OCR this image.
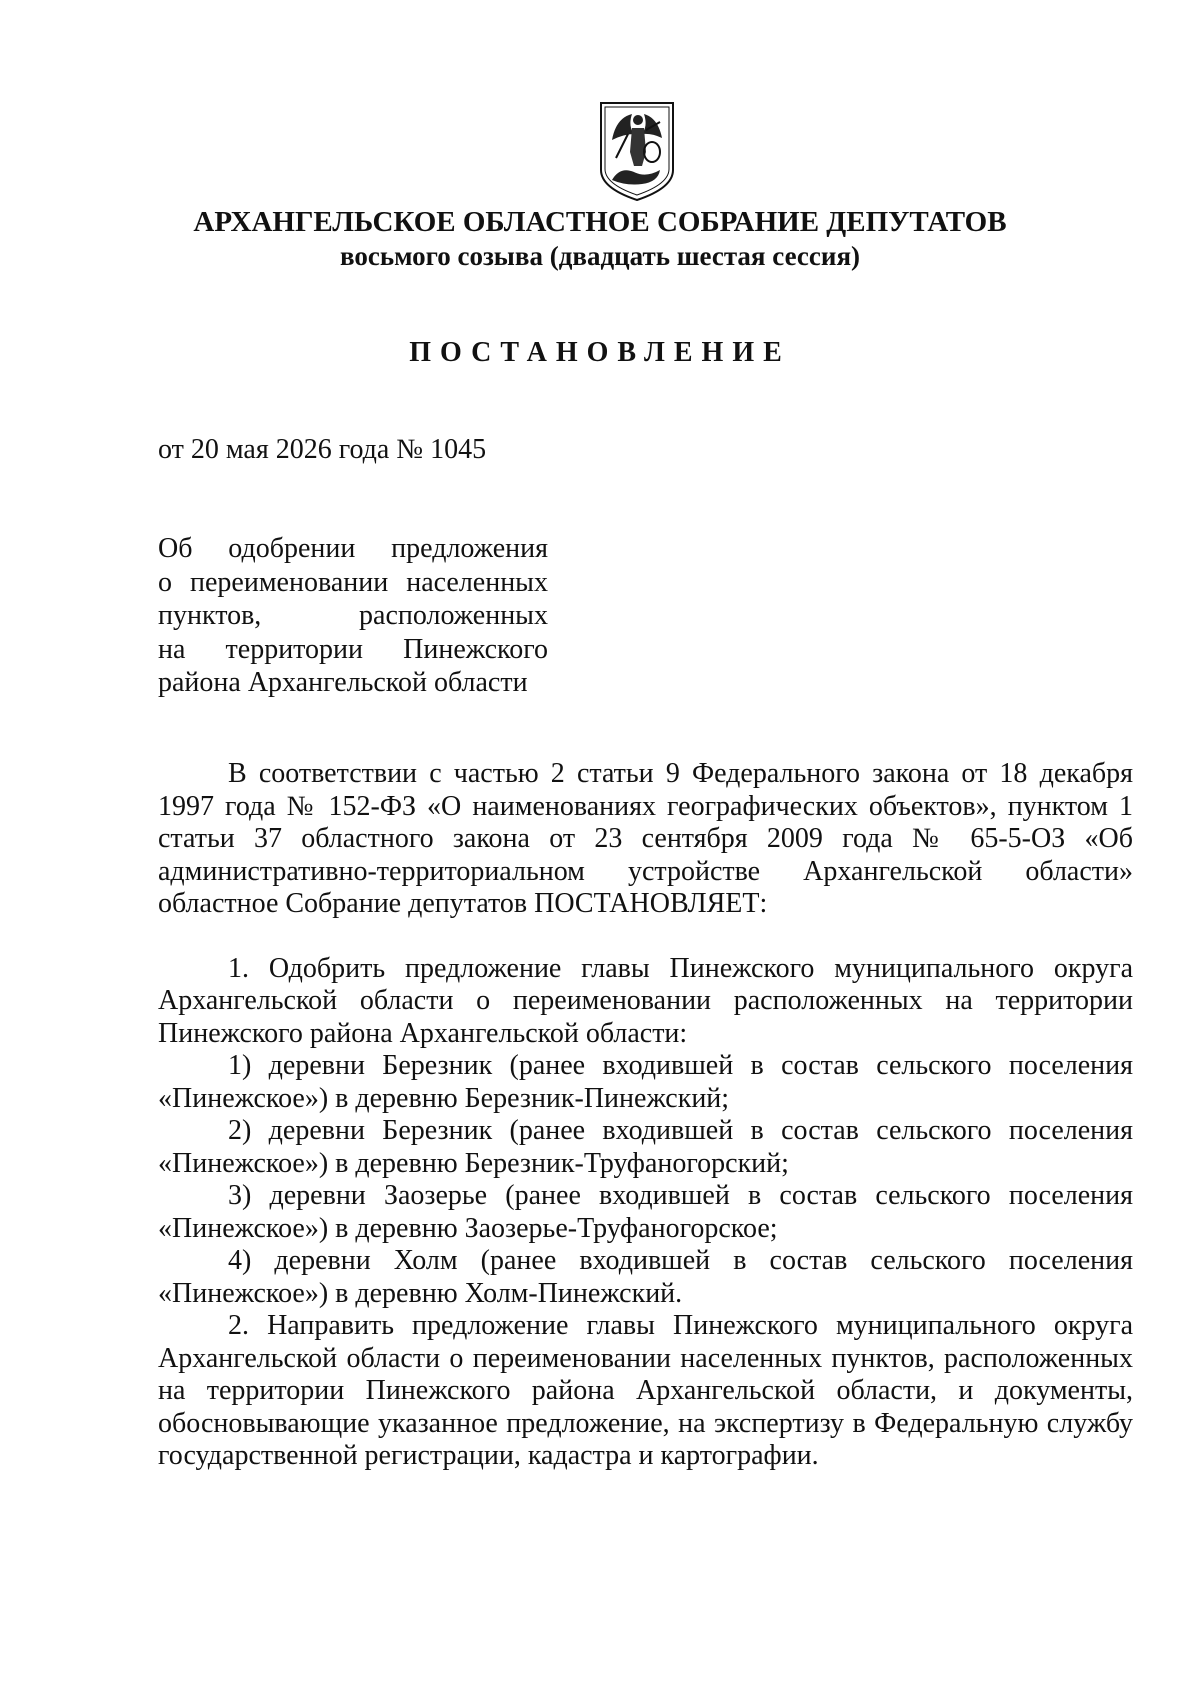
АРХАНГЕЛЬСКОЕ ОБЛАСТНОЕ СОБРАНИЕ ДЕПУТАТОВ
восьмого созыва (двадцать шестая сессия)
ПОСТАНОВЛЕНИЕ
от 20 мая 2026 года № 1045
Об одобрении предложения
о переименовании населенных
пунктов, расположенных
на территории Пинежского
района Архангельской области

В соответствии с частью 2 статьи 9 Федерального закона от 18 декабря 1997 года № 152-ФЗ «О наименованиях географических объектов», пунктом 1 статьи 37 областного закона от 23 сентября 2009 года № 65-5-ОЗ «Об административно-территориальном устройстве Архангельской области» областное Собрание депутатов ПОСТАНОВЛЯЕТ:

1. Одобрить предложение главы Пинежского муниципального округа Архангельской области о переименовании расположенных на территории Пинежского района Архангельской области:

1) деревни Березник (ранее входившей в состав сельского поселения «Пинежское») в деревню Березник-Пинежский;

2) деревни Березник (ранее входившей в состав сельского поселения «Пинежское») в деревню Березник-Труфаногорский;

3) деревни Заозерье (ранее входившей в состав сельского поселения «Пинежское») в деревню Заозерье-Труфаногорское;

4) деревни Холм (ранее входившей в состав сельского поселения «Пинежское») в деревню Холм-Пинежский.

2. Направить предложение главы Пинежского муниципального округа Архангельской области о переименовании населенных пунктов, расположенных на территории Пинежского района Архангельской области, и документы, обосновывающие указанное предложение, на экспертизу в Федеральную службу государственной регистрации, кадастра и картографии.
